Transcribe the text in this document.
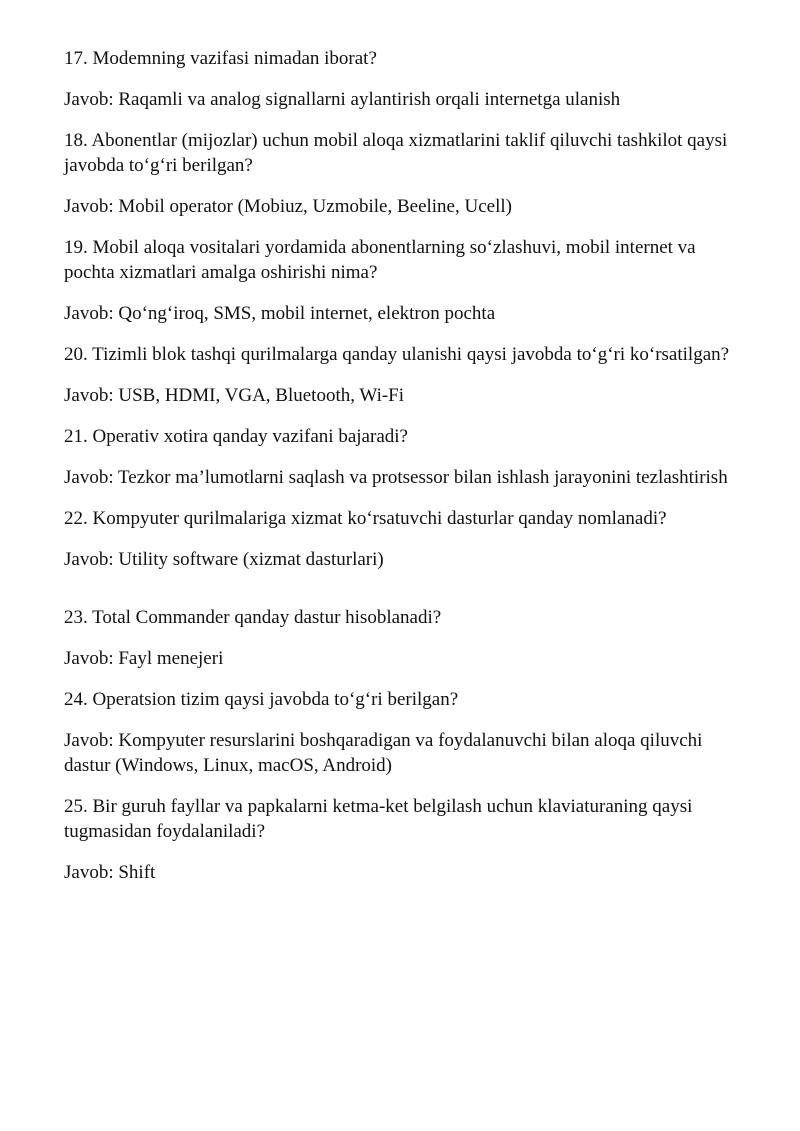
17. Modemning vazifasi nimadan iborat?

Javob: Raqamli va analog signallarni aylantirish orqali internetga ulanish

18. Abonentlar (mijozlar) uchun mobil aloqa xizmatlarini taklif qiluvchi tashkilot qaysi javobda to‘g‘ri berilgan?

Javob: Mobil operator (Mobiuz, Uzmobile, Beeline, Ucell)

19. Mobil aloqa vositalari yordamida abonentlarning so‘zlashuvi, mobil internet va pochta xizmatlari amalga oshirishi nima?

Javob: Qo‘ng‘iroq, SMS, mobil internet, elektron pochta

20. Tizimli blok tashqi qurilmalarga qanday ulanishi qaysi javobda to‘g‘ri ko‘rsatilgan?

Javob: USB, HDMI, VGA, Bluetooth, Wi-Fi

21. Operativ xotira qanday vazifani bajaradi?

Javob: Tezkor ma’lumotlarni saqlash va protsessor bilan ishlash jarayonini tezlashtirish

22. Kompyuter qurilmalariga xizmat ko‘rsatuvchi dasturlar qanday nomlanadi?

Javob: Utility software (xizmat dasturlari)

23. Total Commander qanday dastur hisoblanadi?

Javob: Fayl menejeri

24. Operatsion tizim qaysi javobda to‘g‘ri berilgan?

Javob: Kompyuter resurslarini boshqaradigan va foydalanuvchi bilan aloqa qiluvchi dastur (Windows, Linux, macOS, Android)

25. Bir guruh fayllar va papkalarni ketma-ket belgilash uchun klaviaturaning qaysi tugmasidan foydalaniladi?

Javob: Shift
